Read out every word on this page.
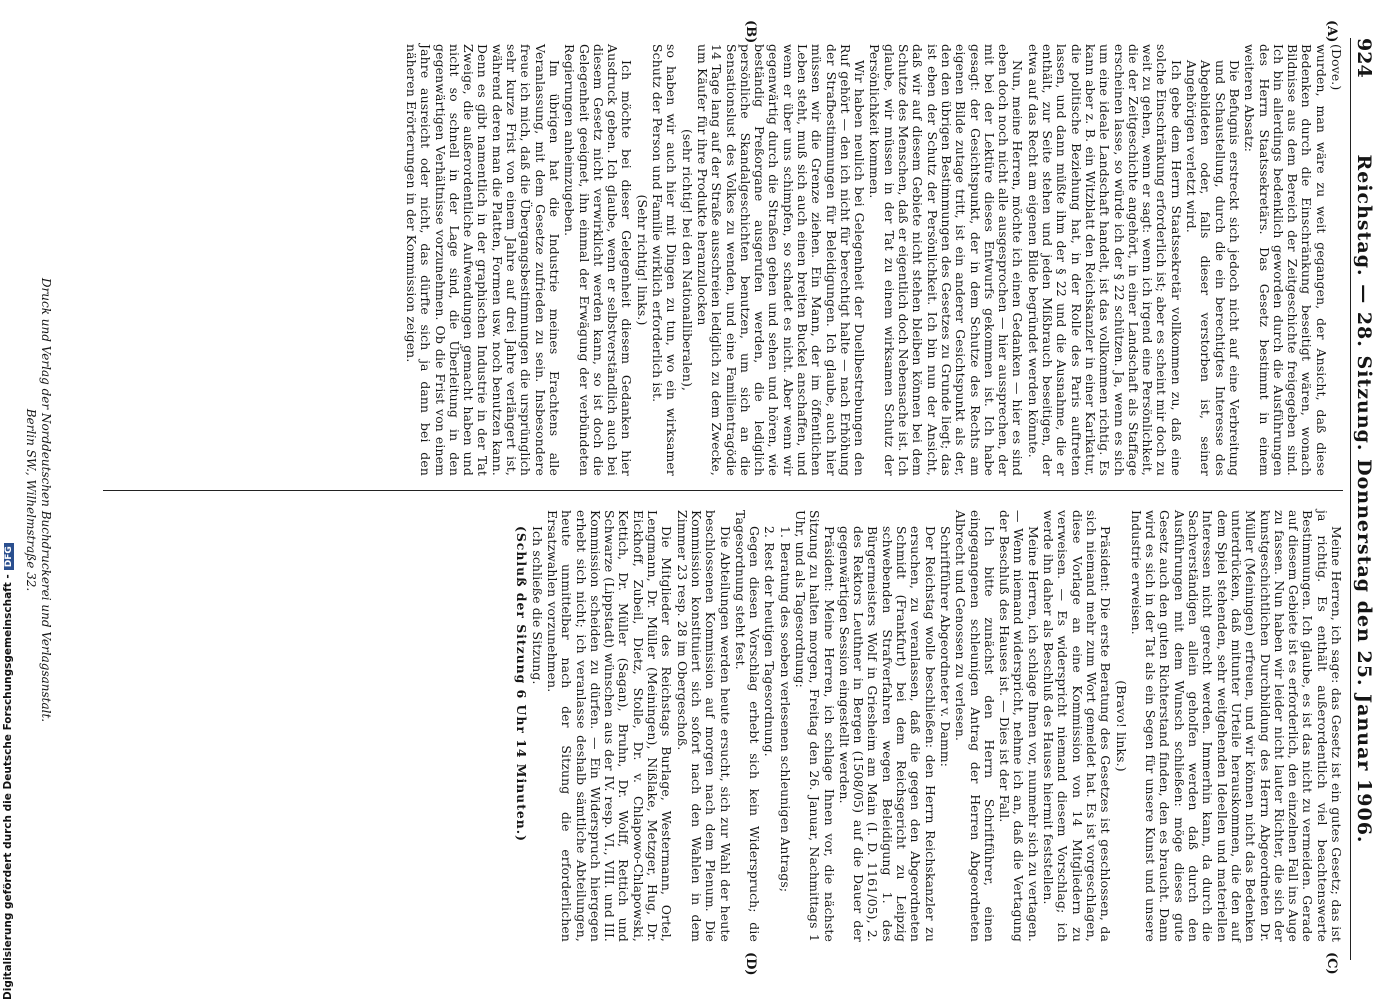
924
Reichstag. — 28. Sitzung. Donnerstag den 25. Januar 1906.
(A)
(B)
(C)
(D)

(Dove.)

wurden, man wäre zu weit gegangen, der Ansicht, daß diese Bedenken durch die Einschränkung beseitigt wären, wonach Bildnisse aus dem Bereich der Zeitgeschichte freigegeben sind. Ich bin allerdings bedenklich geworden durch die Ausführungen des Herrn Staatssekretärs. Das Gesetz bestimmt in einem weiteren Absatz:

Die Befugnis erstreckt sich jedoch nicht auf eine Verbreitung und Schaustellung, durch die ein berechtigtes Interesse des Abgebildeten oder, falls dieser verstorben ist, seiner Angehörigen verletzt wird.

Ich gebe dem Herrn Staatssekretär vollkommen zu, daß eine solche Einschränkung erforderlich ist; aber es scheint mir doch zu weit zu gehen, wenn er sagt: wenn ich irgend eine Persönlichkeit, die der Zeitgeschichte angehört, in einer Landschaft als Staffage erscheinen lasse, so würde ich der § 22 schützen. Ja, wenn es sich um eine ideale Landschaft handelt, ist das vollkommen richtig. Es kann aber z. B. ein Witzblatt den Reichskanzler in einer Karikatur, die politische Beziehung hat, in der Rolle des Paris auftreten lassen, und dann müßte ihm der § 22 und die Ausnahme, die er enthält, zur Seite stehen und jeden Mißbrauch beseitigen, der etwa auf das Recht am eigenen Bilde begründet werden könnte.

Nun, meine Herren, möchte ich einen Gedanken — hier es sind eben doch noch nicht alle ausgesprochen — hier aussprechen, der mit bei der Lektüre dieses Entwurfs gekommen ist. Ich habe gesagt: der Gesichtspunkt, der in dem Schutze des Rechts am eigenen Bilde zutage tritt, ist ein anderer Gesichtspunkt als der, den den übrigen Bestimmungen des Gesetzes zu Grunde liegt; das ist eben der Schutz der Persönlichkeit. Ich bin nun der Ansicht, daß wir auf diesem Gebiete nicht stehen bleiben können bei dem Schutze des Menschen, daß er eigentlich doch Nebensache ist. Ich glaube, wir müssen in der Tat zu einem wirksamen Schutz der Persönlichkeit kommen.

Wir haben neulich bei Gelegenheit der Duellbestrebungen den Ruf gehört — den ich nicht für berechtigt halte — nach Erhöhung der Strafbestimmungen für Beleidigungen. Ich glaube, auch hier müssen wir die Grenze ziehen. Ein Mann, der im öffentlichen Leben steht, muß sich auch einen breiten Buckel anschaffen, und wenn er über uns schimpfen, so schadet es nicht. Aber wenn wir gegenwärtig durch die Straßen gehen und sehen und hören, wie beständig Preßorgane ausgerufen werden, die lediglich persönliche Skandalgeschichten benutzen, um sich an die Sensationslust des Volkes zu wenden, und eine Familientragödie 14 Tage lang auf der Straße ausschreien lediglich zu dem Zwecke, um Käufer für ihre Produkte heranzulocken

(sehr richtig! bei den Nationalliberalen),

so haben wir auch hier mit Dingen zu tun, wo ein wirksamer Schutz der Person und Familie wirklich erforderlich ist.

(Sehr richtig! links.)

Ich möchte bei dieser Gelegenheit diesem Gedanken hier Ausdruck geben. Ich glaube, wenn er selbstverständlich auch bei diesem Gesetz nicht verwirklicht werden kann, so ist doch die Gelegenheit geeignet, ihn einmal der Erwägung der verbündeten Regierungen anheimzugeben.

Im übrigen hat die Industrie meines Erachtens alle Veranlassung, mit dem Gesetze zufrieden zu sein. Insbesondere freue ich mich, daß die Übergangsbestimmungen die ursprünglich sehr kurze Frist von einem Jahre auf drei Jahre verlängert ist, während deren man die Platten, Formen usw. noch benutzen kann. Denn es gibt namentlich in der graphischen Industrie in der Tat Zweige, die außerordentliche Aufwendungen gemacht haben und nicht so schnell in der Lage sind, die Überleitung in den gegenwärtigen Verhältnisse vorzunehmen. Ob die Frist von einem Jahre ausreicht oder nicht, das dürfte sich ja dann bei den näheren Erörterungen in der Kommission zeigen.

Meine Herren, ich sage: das Gesetz ist ein gutes Gesetz; das ist ja richtig. Es enthält außerordentlich viel beachtenswerte Bestimmungen. Ich glaube, es ist das nicht zu vermeiden. Gerade auf diesem Gebiete ist es erforderlich, den einzelnen Fall ins Auge zu fassen. Nun haben wir leider nicht lauter Richter, die sich der kunstgeschichtlichen Durchbildung des Herrn Abgeordneten Dr. Müller (Meiningen) erfreuen, und wir können nicht das Bedenken unterdrücken, daß mitunter Urteile herauskommen, die den auf dem Spiel stehenden, sehr weitgehenden Ideellen und materiellen Interessen nicht gerecht werden. Immerhin kann, da durch die Sachverständigen allein geholfen werden daß durch den Ausführungen mit dem Wunsch schließen: möge dieses gute Gesetz auch den guten Richterstand finden, den es braucht. Dann wird es sich in der Tat als ein Segen für unsere Kunst und unsere Industrie erweisen.

(Bravo! links.)

Präsident: Die erste Beratung des Gesetzes ist geschlossen, da sich niemand mehr zum Wort gemeldet hat. Es ist vorgeschlagen, diese Vorlage an eine Kommission von 14 Mitgliedern zu verweisen. — Es widerspricht niemand diesem Vorschlag; ich werde ihn daher als Beschluß des Hauses hiermit feststellen.

Meine Herren, ich schlage Ihnen vor, nunmehr sich zu vertagen. — Wenn niemand widerspricht, nehme ich an, daß die Vertagung der Beschluß des Hauses ist. — Dies ist der Fall.

Ich bitte zunächst den Herrn Schriftführer, einen eingegangenen schleunigen Antrag der Herren Abgeordneten Albrecht und Genossen zu verlesen.

Schriftführer Abgeordneter v. Damm:

Der Reichstag wolle beschließen: den Herrn Reichskanzler zu ersuchen, zu veranlassen, daß die gegen den Abgeordneten Schmidt (Frankfurt) bei dem Reichsgericht zu Leipzig schwebenden Strafverfahren wegen Beleidigung 1. des Bürgermeisters Wolf in Griesheim am Main (I. D. 1161/05), 2. des Rektors Leuthner in Bergen (1508/05) auf die Dauer der gegenwärtigen Session eingestellt werden.

Präsident: Meine Herren, ich schlage Ihnen vor, die nächste Sitzung zu halten morgen, Freitag den 26. Januar, Nachmittags 1 Uhr, und als Tagesordnung:

1. Beratung des soeben verlesenen schleunigen Antrags;

2. Rest der heutigen Tagesordnung.

Gegen diesen Vorschlag erhebt sich kein Widerspruch; die Tagesordnung steht fest.

Die Abteilungen werden heute ersucht, sich zur Wahl der heute beschlossenen Kommission auf morgen nach dem Plenum. Die Kommission konstituiert sich sofort nach den Wahlen in dem Zimmer 23 resp. 28 im Obergeschoß.

Die Mitglieder des Reichstags Burlage, Westermann, Ortel, Lengmann, Dr. Müller (Meiningen), Nißlake, Metzger, Hug, Dr. Eickhoff, Zubeil, Dietz, Stolle, Dr. v. Chlapowo-Chlapowski, Kettich, Dr. Müller (Sagan), Bruhn, Dr. Wolff, Rettich und Schwarze (Lippstadt) wünschen aus der IV. resp. VI., VIII. und III. Kommission scheiden zu dürfen. — Ein Widerspruch hiergegen erhebt sich nicht; ich veranlasse deshalb sämtliche Abteilungen, heute unmittelbar nach der Sitzung die erforderlichen Ersatzwahlen vorzunehmen.

Ich schließe die Sitzung.

(Schluß der Sitzung 6 Uhr 14 Minuten.)

Druck und Verlag der Norddeutschen Buchdruckerei und Verlagsanstalt.
Berlin SW., Wilhelmstraße 32.
Digitalisierung gefördert durch die Deutsche Forschungsgemeinschaft -DFG
